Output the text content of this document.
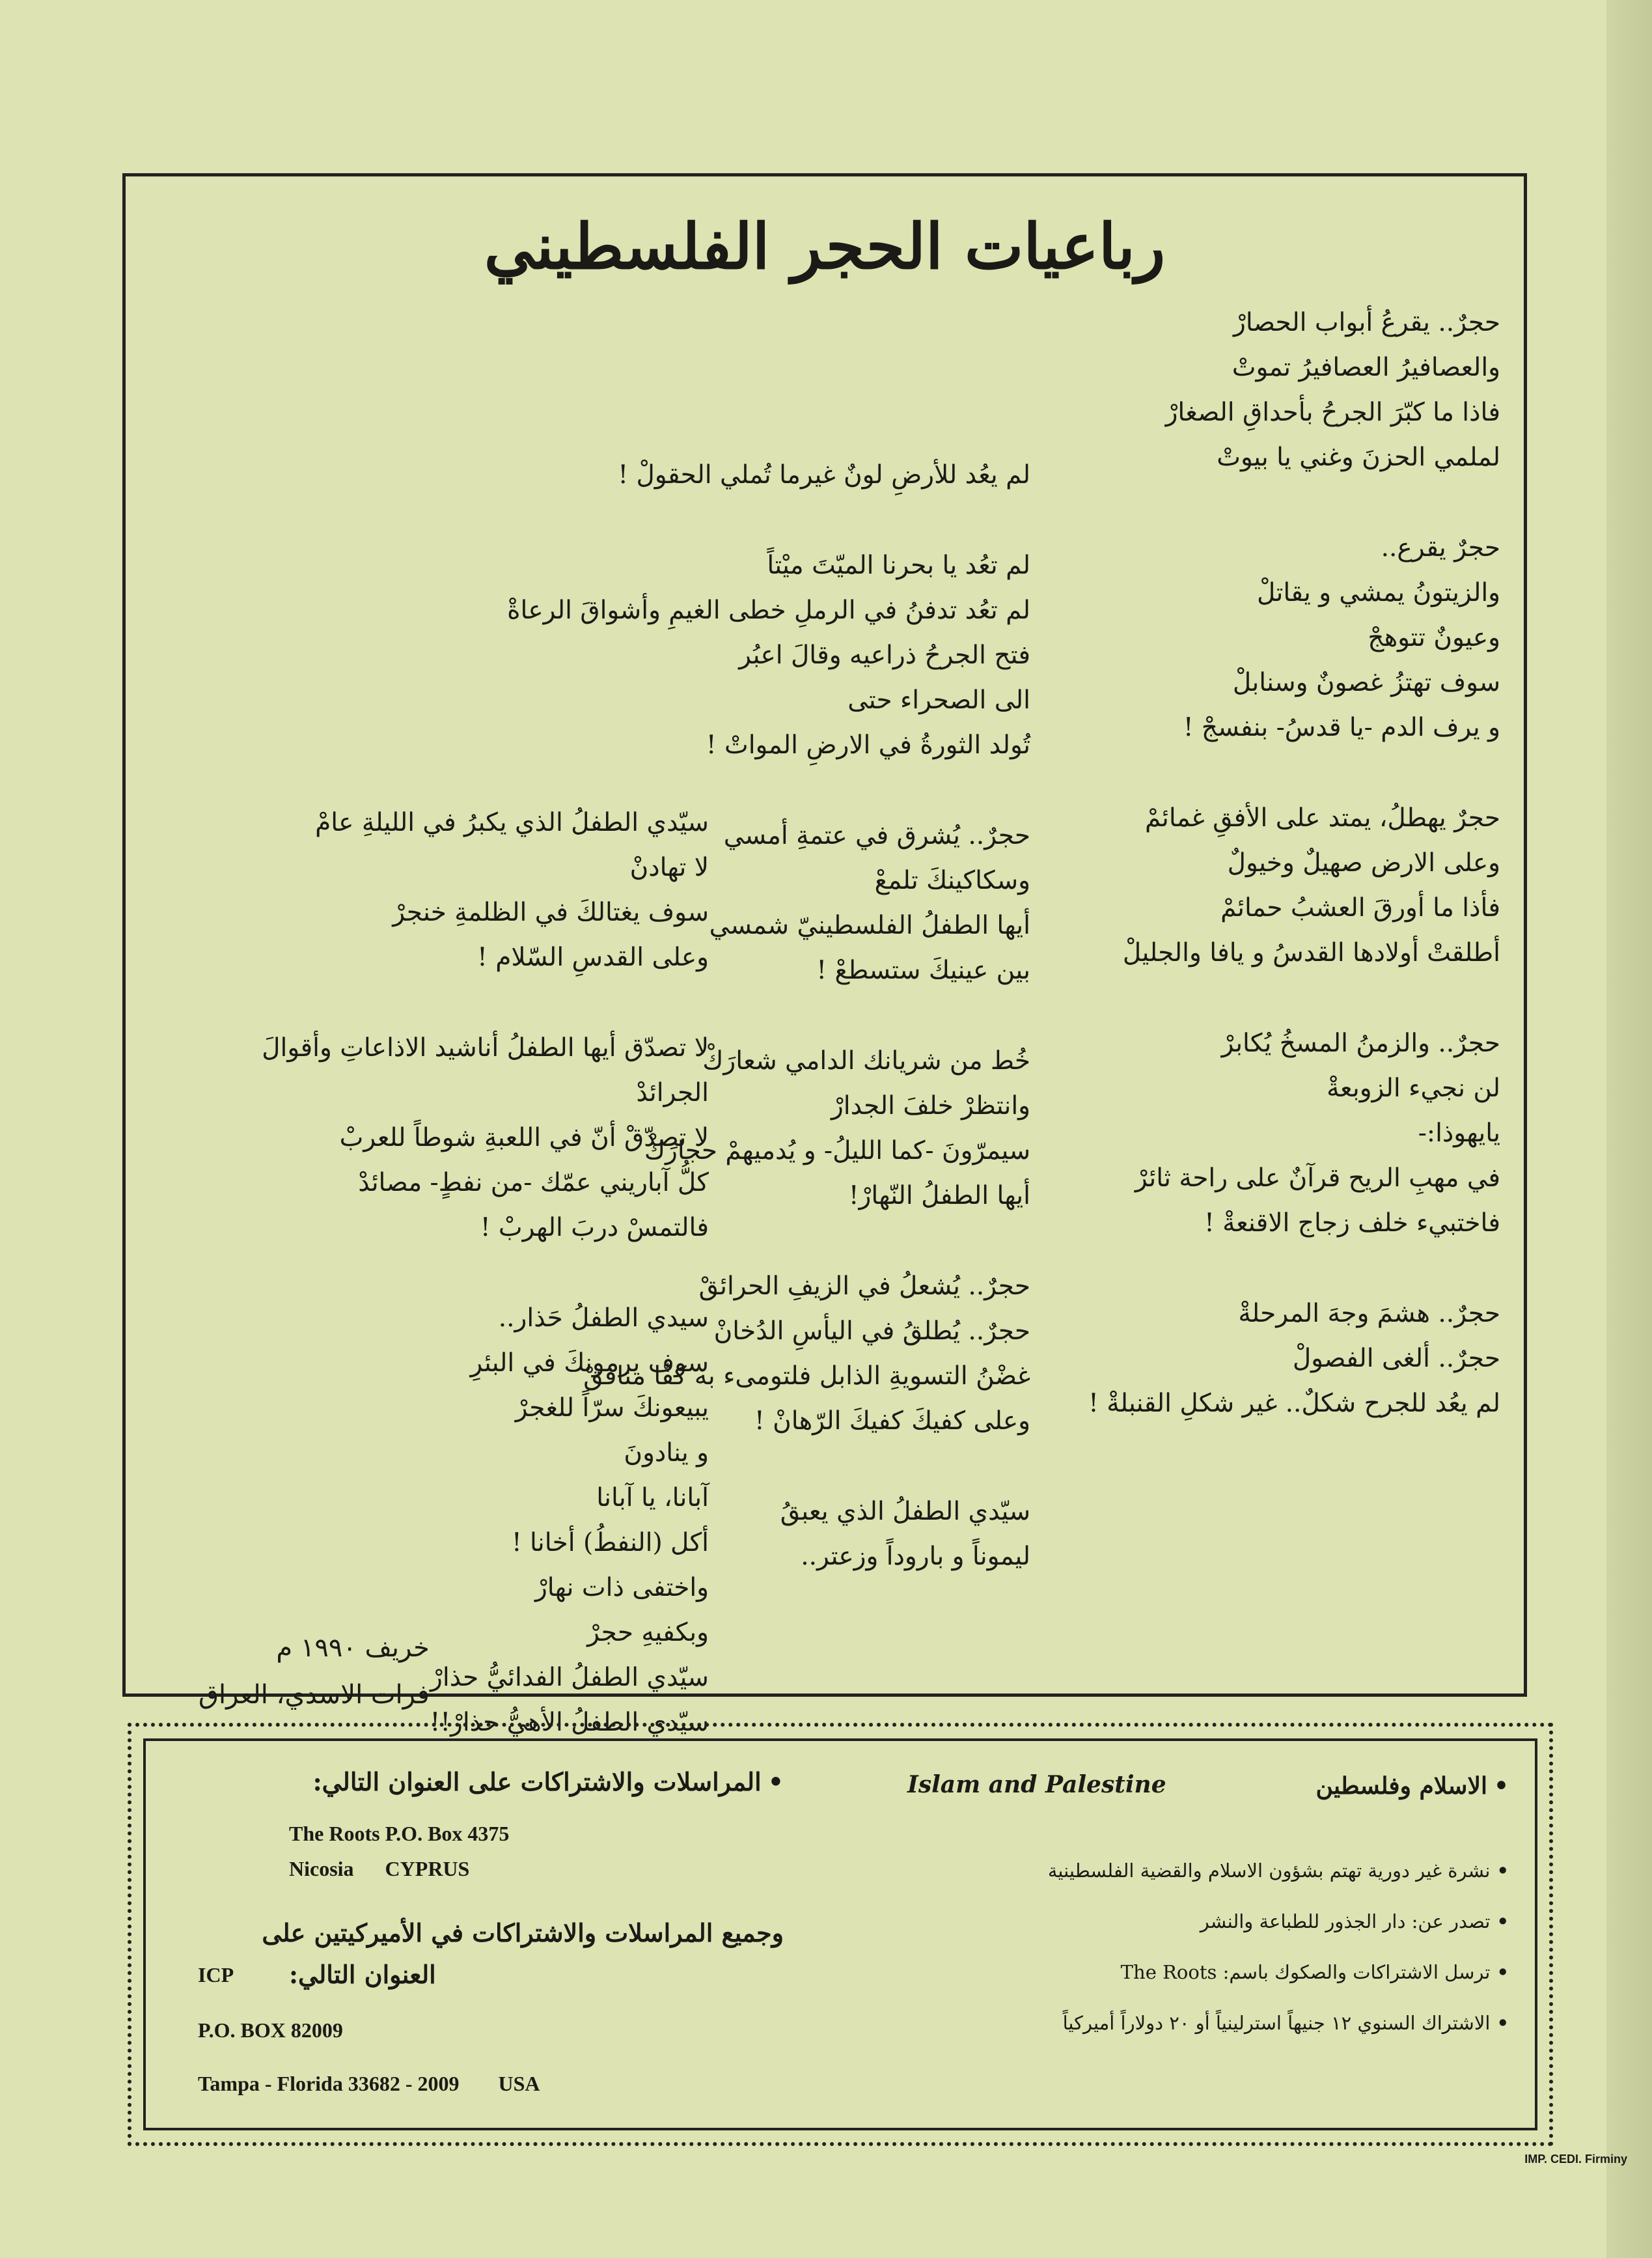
رباعيات الحجر الفلسطيني

حجرٌ.. يقرعُ أبواب الحصارْ

والعصافيرُ العصافيرُ تموتْ

فاذا ما كبّرَ الجرحُ بأحداقِ الصغارْ

لملمي الحزنَ وغني يا بيوتْ

حجرٌ يقرع..

والزيتونُ يمشي و يقاتلْ

وعيونٌ تتوهجْ

سوف تهتزُ غصونٌ وسنابلْ

و يرف الدم -يا قدسُ- بنفسجْ !

حجرٌ يهطلُ، يمتد على الأفقِ غمائمْ

وعلى الارض صهيلٌ وخيولٌ

فأذا ما أورقَ العشبُ حمائمْ

أطلقتْ أولادها القدسُ و يافا والجليلْ

حجرٌ.. والزمنُ المسخُ يُكابرْ

لن نجيء الزوبعةْ

يايهوذا:-

في مهبِ الريح قرآنٌ على راحة ثائرْ

فاختبيء خلف زجاج الاقنعةْ !

حجرٌ.. هشمَ وجهَ المرحلةْ

حجرٌ.. ألغى الفصولْ

لم يعُد للجرح شكلٌ.. غير شكلِ القنبلةْ !

لم يعُد للأرضِ لونٌ غيرما تُملي الحقولْ !

لم تعُد يا بحرنا الميّتَ ميْتاً

لم تعُد تدفنُ في الرملِ خطى الغيمِ وأشواقَ الرعاةْ

فتح الجرحُ ذراعيه وقالَ اعبُر

الى الصحراء حتى

تُولد الثورةُ في الارضِ المواتْ !

حجرٌ.. يُشرق في عتمةِ أمسي

وسكاكينكَ تلمعْ

أيها الطفلُ الفلسطينيّ شمسي

بين عينيكَ ستسطعْ !

خُط من شريانك الدامي شعارَكْ

وانتظرْ خلفَ الجدارْ

سيمرّونَ -كما الليلُ- و يُدميهمْ حجارَكْ

أيها الطفلُ النّهارْ!

حجرٌ.. يُشعلُ في الزيفِ الحرائقْ

حجرٌ.. يُطلقُ في اليأسِ الدُخانْ

غضْنُ التسويةِ الذابل فلتومىء به كفّا منافقْ

وعلى كفيكَ كفيكَ الرّهانْ !

سيّدي الطفلُ الذي يعبقُ

ليموناً و باروداً وزعتر..

سيّدي الطفلُ الذي يكبرُ في الليلةِ عامْ

لا تهادنْ

سوف يغتالكَ في الظلمةِ خنجرْ

وعلى القدسِ السّلام !

لا تصدّق أيها الطفلُ أناشيد الاذاعاتِ وأقوالَ

الجرائدْ

لا تصدّقْ أنّ في اللعبةِ شوطاً للعربْ

كلُّ آباريني عمّك -من نفطٍ- مصائدْ

فالتمسْ دربَ الهربْ !

سيدي الطفلُ حَذار..

سوف يرمونكَ في البئرِ

يبيعونكَ سرّاً للغجرْ

و ينادونَ

آبانا، يا آبانا

أكل (النفطُ) أخانا !

واختفى ذات نهارْ

وبكفيهِ حجرْ

سيّدي الطفلُ الفدائيُّ حذارْ

سيّدي الطفلُ الأهيُّ حذارْ!!

خريف ١٩٩٠ م

فرات الاسدي، العراق

•الاسلام وفلسطين

•نشرة غير دورية تهتم بشؤون الاسلام والقضية الفلسطينية

•تصدر عن: دار الجذور للطباعة والنشر

•ترسل الاشتراكات والصكوك باسم: The Roots

•الاشتراك السنوي ١٢ جنيهاً استرلينياً أو ٢٠ دولاراً أميركياً

Islam and Palestine

•المراسلات والاشتراكات على العنوان التالي:

The Roots P.O. Box 4375

Nicosia      CYPRUS

وجميع المراسلات والاشتراكات في الأميركيتين على

العنوان التالي:

ICP

P.O. BOX 82009

Tampa - Florida 33682 - 2009 USA

IMP. CEDI. Firminy
